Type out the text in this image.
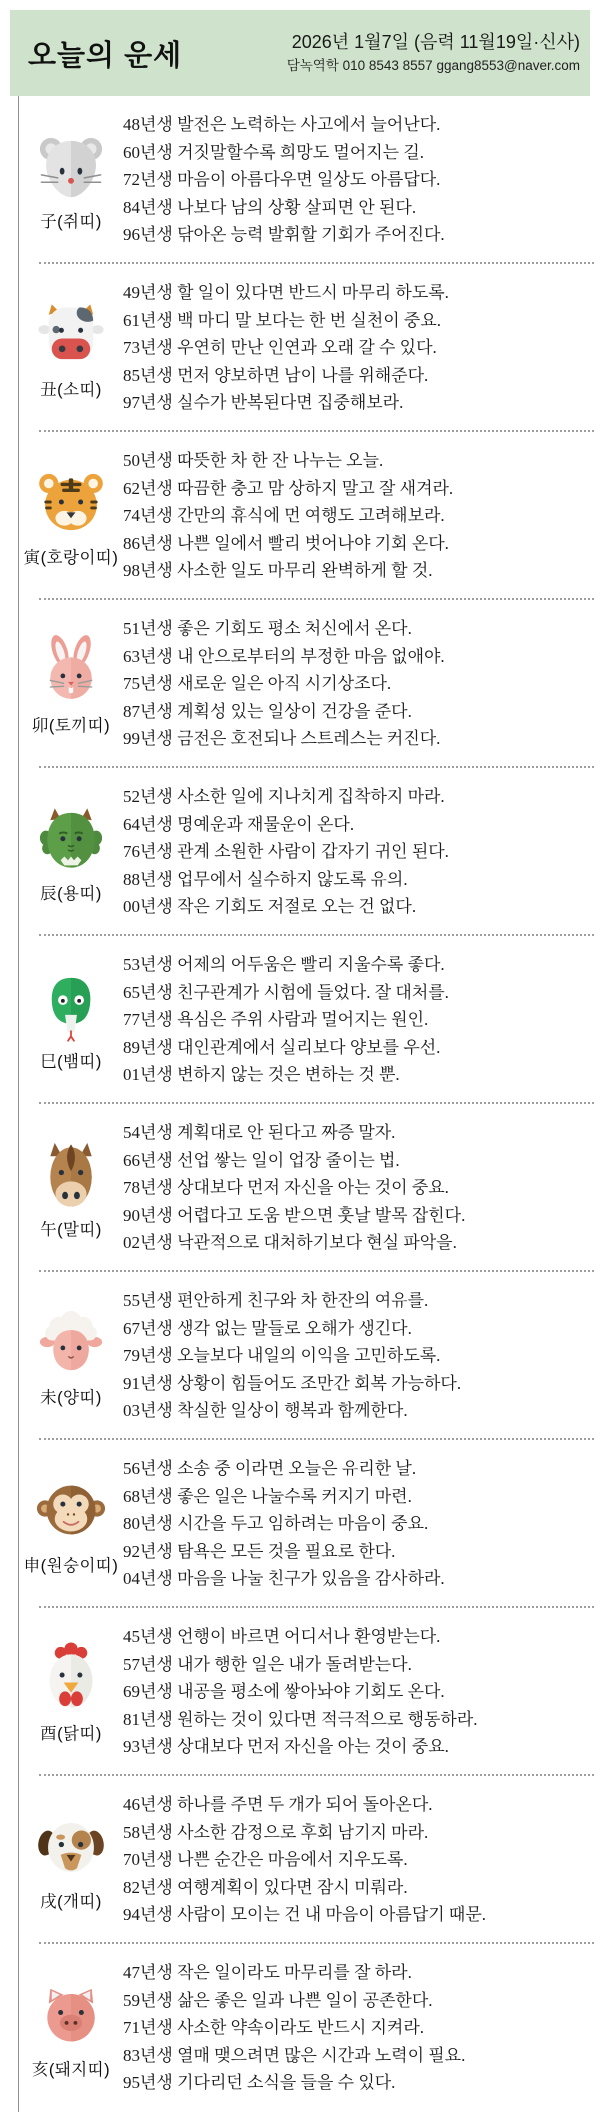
오늘의 운세	2026년 1월7일 (음력 11월19일·신사)
담녹역학 010 8543 8557 ggang8553@naver.com
子(쥐띠)

48년생 발전은 노력하는 사고에서 늘어난다.

60년생 거짓말할수록 희망도 멀어지는 길.

72년생 마음이 아름다우면 일상도 아름답다.

84년생 나보다 남의 상황 살피면 안 된다.

96년생 닦아온 능력 발휘할 기회가 주어진다.

丑(소띠)

49년생 할 일이 있다면 반드시 마무리 하도록.

61년생 백 마디 말 보다는 한 번 실천이 중요.

73년생 우연히 만난 인연과 오래 갈 수 있다.

85년생 먼저 양보하면 남이 나를 위해준다.

97년생 실수가 반복된다면 집중해보라.

寅(호랑이띠)

50년생 따뜻한 차 한 잔 나누는 오늘.

62년생 따끔한 충고 맘 상하지 말고 잘 새겨라.

74년생 간만의 휴식에 먼 여행도 고려해보라.

86년생 나쁜 일에서 빨리 벗어나야 기회 온다.

98년생 사소한 일도 마무리 완벽하게 할 것.

卯(토끼띠)

51년생 좋은 기회도 평소 처신에서 온다.

63년생 내 안으로부터의 부정한 마음 없애야.

75년생 새로운 일은 아직 시기상조다.

87년생 계획성 있는 일상이 건강을 준다.

99년생 금전은 호전되나 스트레스는 커진다.

辰(용띠)

52년생 사소한 일에 지나치게 집착하지 마라.

64년생 명예운과 재물운이 온다.

76년생 관계 소원한 사람이 갑자기 귀인 된다.

88년생 업무에서 실수하지 않도록 유의.

00년생 작은 기회도 저절로 오는 건 없다.

巳(뱀띠)

53년생 어제의 어두움은 빨리 지울수록 좋다.

65년생 친구관계가 시험에 들었다. 잘 대처를.

77년생 욕심은 주위 사람과 멀어지는 원인.

89년생 대인관계에서 실리보다 양보를 우선.

01년생 변하지 않는 것은 변하는 것 뿐.

午(말띠)

54년생 계획대로 안 된다고 짜증 말자.

66년생 선업 쌓는 일이 업장 줄이는 법.

78년생 상대보다 먼저 자신을 아는 것이 중요.

90년생 어렵다고 도움 받으면 훗날 발목 잡힌다.

02년생 낙관적으로 대처하기보다 현실 파악을.

未(양띠)

55년생 편안하게 친구와 차 한잔의 여유를.

67년생 생각 없는 말들로 오해가 생긴다.

79년생 오늘보다 내일의 이익을 고민하도록.

91년생 상황이 힘들어도 조만간 회복 가능하다.

03년생 착실한 일상이 행복과 함께한다.

申(원숭이띠)

56년생 소송 중 이라면 오늘은 유리한 날.

68년생 좋은 일은 나눌수록 커지기 마련.

80년생 시간을 두고 임하려는 마음이 중요.

92년생 탐욕은 모든 것을 필요로 한다.

04년생 마음을 나눌 친구가 있음을 감사하라.

酉(닭띠)

45년생 언행이 바르면 어디서나 환영받는다.

57년생 내가 행한 일은 내가 돌려받는다.

69년생 내공을 평소에 쌓아놔야 기회도 온다.

81년생 원하는 것이 있다면 적극적으로 행동하라.

93년생 상대보다 먼저 자신을 아는 것이 중요.

戌(개띠)

46년생 하나를 주면 두 개가 되어 돌아온다.

58년생 사소한 감정으로 후회 남기지 마라.

70년생 나쁜 순간은 마음에서 지우도록.

82년생 여행계획이 있다면 잠시 미뤄라.

94년생 사람이 모이는 건 내 마음이 아름답기 때문.

亥(돼지띠)

47년생 작은 일이라도 마무리를 잘 하라.

59년생 삶은 좋은 일과 나쁜 일이 공존한다.

71년생 사소한 약속이라도 반드시 지켜라.

83년생 열매 맺으려면 많은 시간과 노력이 필요.

95년생 기다리던 소식을 들을 수 있다.
